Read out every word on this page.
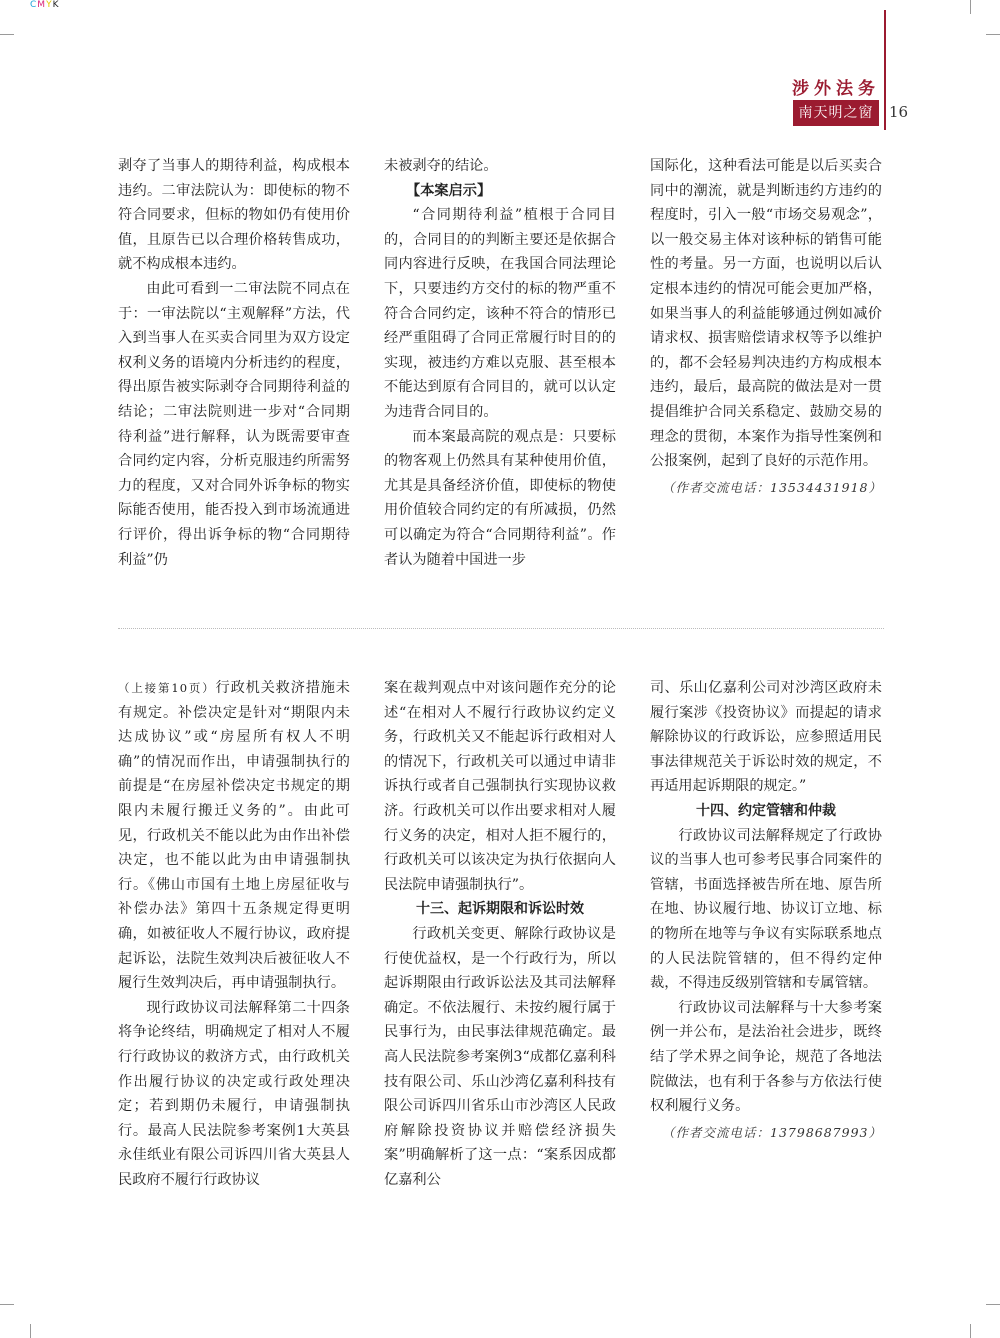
CMYK
涉外法务
南天明之窗	16

剥夺了当事人的期待利益，构成根本违约。二审法院认为：即使标的物不符合同要求，但标的物如仍有使用价值，且原告已以合理价格转售成功，就不构成根本违约。

由此可看到一二审法院不同点在于：一审法院以“主观解释”方法，代入到当事人在买卖合同里为双方设定权利义务的语境内分析违约的程度，得出原告被实际剥夺合同期待利益的结论；二审法院则进一步对“合同期待利益”进行解释，认为既需要审查合同约定内容，分析克服违约所需努力的程度，又对合同外诉争标的物实际能否使用，能否投入到市场流通进行评价，得出诉争标的物“合同期待利益”仍

未被剥夺的结论。

【本案启示】

“合同期待利益”植根于合同目的，合同目的的判断主要还是依据合同内容进行反映，在我国合同法理论下，只要违约方交付的标的物严重不符合合同约定，该种不符合的情形已经严重阻碍了合同正常履行时目的的实现，被违约方难以克服、甚至根本不能达到原有合同目的，就可以认定为违背合同目的。

而本案最高院的观点是：只要标的物客观上仍然具有某种使用价值，尤其是具备经济价值，即使标的物使用价值较合同约定的有所减损，仍然可以确定为符合“合同期待利益”。作者认为随着中国进一步

国际化，这种看法可能是以后买卖合同中的潮流，就是判断违约方违约的程度时，引入一般“市场交易观念”，以一般交易主体对该种标的销售可能性的考量。另一方面，也说明以后认定根本违约的情况可能会更加严格，如果当事人的利益能够通过例如减价请求权、损害赔偿请求权等予以维护的，都不会轻易判决违约方构成根本违约，最后，最高院的做法是对一贯提倡维护合同关系稳定、鼓励交易的理念的贯彻，本案作为指导性案例和公报案例，起到了良好的示范作用。

（作者交流电话：13534431918）

（上接第10页）行政机关救济措施未有规定。补偿决定是针对“期限内未达成协议”或“房屋所有权人不明确”的情况而作出，申请强制执行的前提是“在房屋补偿决定书规定的期限内未履行搬迁义务的”。由此可见，行政机关不能以此为由作出补偿决定，也不能以此为由申请强制执行。《佛山市国有土地上房屋征收与补偿办法》第四十五条规定得更明确，如被征收人不履行协议，政府提起诉讼，法院生效判决后被征收人不履行生效判决后，再申请强制执行。

现行政协议司法解释第二十四条将争论终结，明确规定了相对人不履行行政协议的救济方式，由行政机关作出履行协议的决定或行政处理决定；若到期仍未履行，申请强制执行。最高人民法院参考案例1大英县永佳纸业有限公司诉四川省大英县人民政府不履行行政协议

案在裁判观点中对该问题作充分的论述“在相对人不履行行政协议约定义务，行政机关又不能起诉行政相对人的情况下，行政机关可以通过申请非诉执行或者自己强制执行实现协议救济。行政机关可以作出要求相对人履行义务的决定，相对人拒不履行的，行政机关可以该决定为执行依据向人民法院申请强制执行”。

十三、起诉期限和诉讼时效

行政机关变更、解除行政协议是行使优益权，是一个行政行为，所以起诉期限由行政诉讼法及其司法解释确定。不依法履行、未按约履行属于民事行为，由民事法律规范确定。最高人民法院参考案例3“成都亿嘉利科技有限公司、乐山沙湾亿嘉利科技有限公司诉四川省乐山市沙湾区人民政府解除投资协议并赔偿经济损失案”明确解析了这一点：“案系因成都亿嘉利公

司、乐山亿嘉利公司对沙湾区政府未履行案涉《投资协议》而提起的请求解除协议的行政诉讼，应参照适用民事法律规范关于诉讼时效的规定，不再适用起诉期限的规定。”

十四、约定管辖和仲裁

行政协议司法解释规定了行政协议的当事人也可参考民事合同案件的管辖，书面选择被告所在地、原告所在地、协议履行地、协议订立地、标的物所在地等与争议有实际联系地点的人民法院管辖的，但不得约定仲裁，不得违反级别管辖和专属管辖。

行政协议司法解释与十大参考案例一并公布，是法治社会进步，既终结了学术界之间争论，规范了各地法院做法，也有利于各参与方依法行使权利履行义务。

（作者交流电话：13798687993）
